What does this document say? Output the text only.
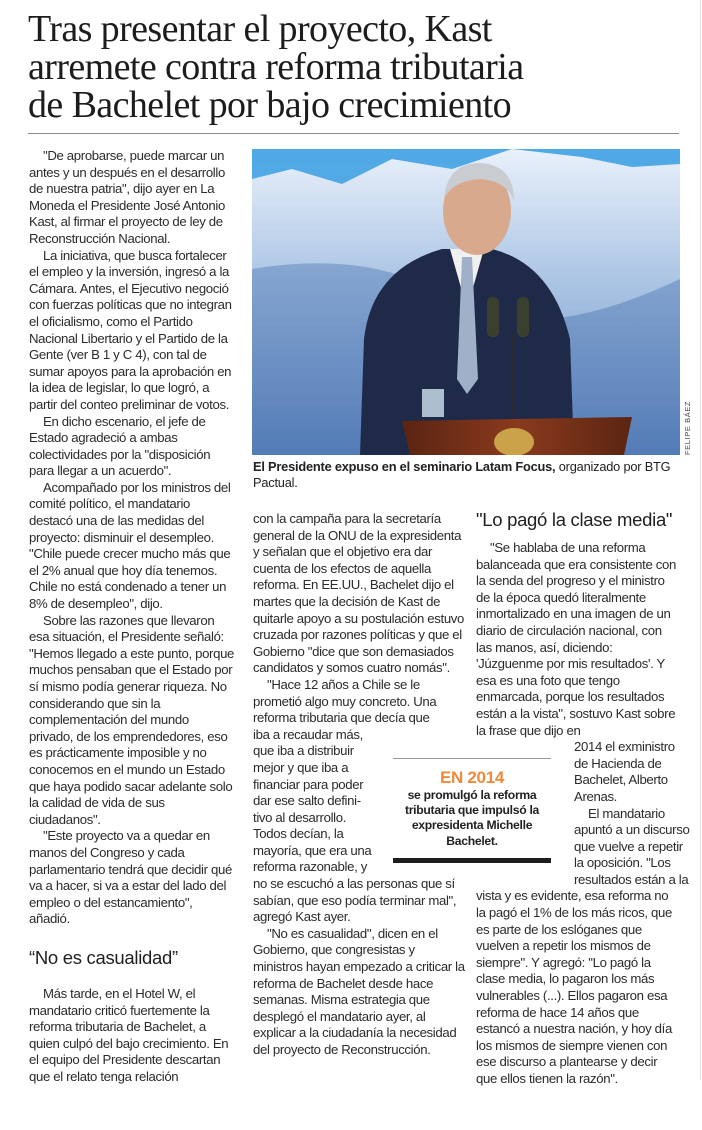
Tras presentar el proyecto, Kast
arremete contra reforma tributaria
de Bachelet por bajo crecimiento

"De aprobarse, puede marcar un antes y un después en el desarrollo de nuestra patria", dijo ayer en La Moneda el Presidente José Antonio Kast, al firmar el proyecto de ley de Reconstrucción Nacional.

La iniciativa, que busca fortalecer el empleo y la inversión, ingresó a la Cámara. Antes, el Ejecutivo negoció con fuerzas políticas que no integran el oficialismo, como el Partido Nacional Libertario y el Partido de la Gente (ver B 1 y C 4), con tal de sumar apoyos para la aprobación en la idea de legislar, lo que logró, a partir del conteo preliminar de votos.

En dicho escenario, el jefe de Estado agradeció a ambas colectividades por la "disposición para llegar a un acuerdo".

Acompañado por los ministros del comité político, el mandatario destacó una de las medidas del proyecto: disminuir el desempleo. "Chile puede crecer mucho más que el 2% anual que hoy día tenemos. Chile no está condenado a tener un 8% de desempleo", dijo.

Sobre las razones que llevaron esa situación, el Presidente señaló: "Hemos llegado a este punto, porque muchos pensaban que el Estado por sí mismo podía generar riqueza. No considerando que sin la complementación del mundo privado, de los emprendedores, eso es prácticamente imposible y no conocemos en el mundo un Estado que haya podido sacar adelante solo la calidad de vida de sus ciudadanos".

"Este proyecto va a quedar en manos del Congreso y cada parlamentario tendrá que decidir qué va a hacer, si va a estar del lado del empleo o del estancamiento", añadió.

“No es casualidad”

Más tarde, en el Hotel W, el mandatario criticó fuertemente la reforma tributaria de Bachelet, a quien culpó del bajo crecimiento. En el equipo del Presidente descartan que el relato tenga relación

FELIPE BÁEZ
El Presidente expuso en el seminario Latam Focus, organizado por BTG Pactual.

con la campaña para la secretaría general de la ONU de la expresidenta y señalan que el objetivo era dar cuenta de los efectos de aquella reforma. En EE.UU., Bachelet dijo el martes que la decisión de Kast de quitarle apoyo a su postulación estuvo cruzada por razones políticas y que el Gobierno "dice que son demasiados candidatos y somos cuatro nomás".

"Hace 12 años a Chile se le prometió algo muy concreto. Una reforma tributaria que decía que

iba a recaudar más,
que iba a distribuir
mejor y que iba a
financiar para poder
dar ese salto defini-
tivo al desarrollo.
Todos decían, la
mayoría, que era una
reforma razonable, y

no se escuchó a las personas que sí sabían, que eso podía terminar mal", agregó Kast ayer.

"No es casualidad", dicen en el Gobierno, que congresistas y ministros hayan empezado a criticar la reforma de Bachelet desde hace semanas. Misma estrategia que desplegó el mandatario ayer, al explicar a la ciudadanía la necesidad del proyecto de Reconstrucción.

EN 2014
se promulgó la reforma tributaria que impulsó la expresidenta Michelle Bachelet.
"Lo pagó la clase media"

"Se hablaba de una reforma balanceada que era consistente con la senda del progreso y el ministro de la época quedó literalmente inmortalizado en una imagen de un diario de circulación nacional, con las manos, así, diciendo: 'Júzguenme por mis resultados'. Y esa es una foto que tengo enmarcada, porque los resultados están a la vista", sostuvo Kast sobre la frase que dijo en

2014 el exministro
de Hacienda de
Bachelet, Alberto
Arenas.
El mandatario
apuntó a un discurso
que vuelve a repetir
la oposición. "Los
resultados están a la

vista y es evidente, esa reforma no la pagó el 1% de los más ricos, que es parte de los eslóganes que vuelven a repetir los mismos de siempre". Y agregó: "Lo pagó la clase media, lo pagaron los más vulnerables (...). Ellos pagaron esa reforma de hace 14 años que estancó a nuestra nación, y hoy día los mismos de siempre vienen con ese discurso a plantearse y decir que ellos tienen la razón".
